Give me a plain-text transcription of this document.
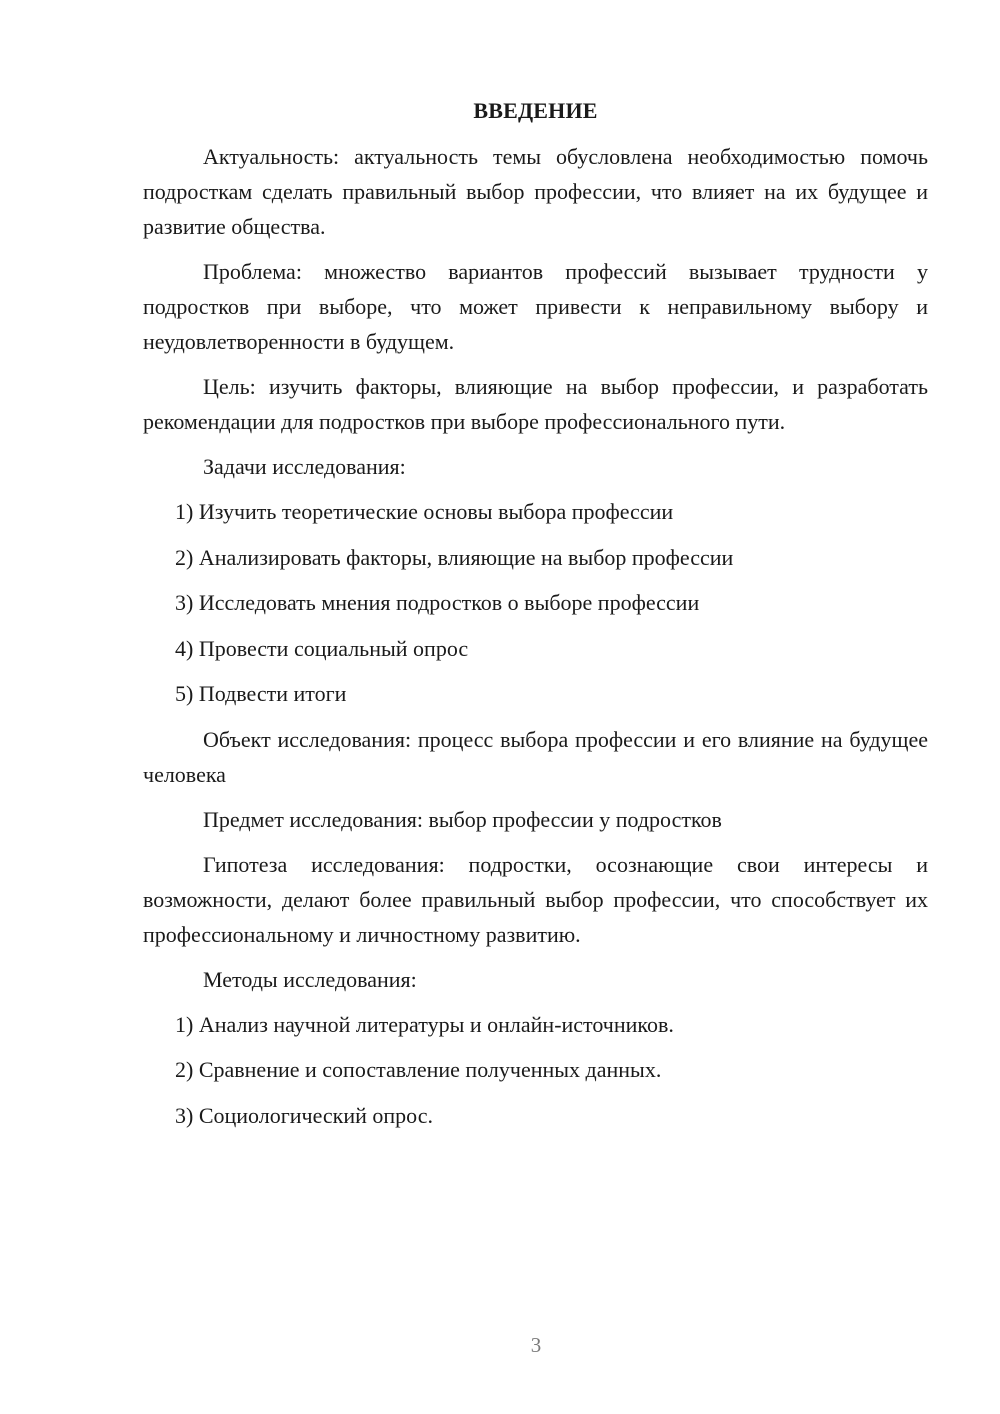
ВВЕДЕНИЕ

Актуальность: актуальность темы обусловлена необходимостью помочь подросткам сделать правильный выбор профессии, что влияет на их будущее и развитие общества.

Проблема: множество вариантов профессий вызывает трудности у подростков при выборе, что может привести к неправильному выбору и неудовлетворенности в будущем.

Цель: изучить факторы, влияющие на выбор профессии, и разработать рекомендации для подростков при выборе профессионального пути.

Задачи исследования:

1) Изучить теоретические основы выбора профессии
2) Анализировать факторы, влияющие на выбор профессии
3) Исследовать мнения подростков о выборе профессии
4) Провести социальный опрос
5) Подвести итоги

Объект исследования: процесс выбора профессии и его влияние на будущее человека

Предмет исследования: выбор профессии у подростков

Гипотеза исследования: подростки, осознающие свои интересы и возможности, делают более правильный выбор профессии, что способствует их профессиональному и личностному развитию.

Методы исследования:

1) Анализ научной литературы и онлайн-источников.
2) Сравнение и сопоставление полученных данных.
3) Социологический опрос.
3
